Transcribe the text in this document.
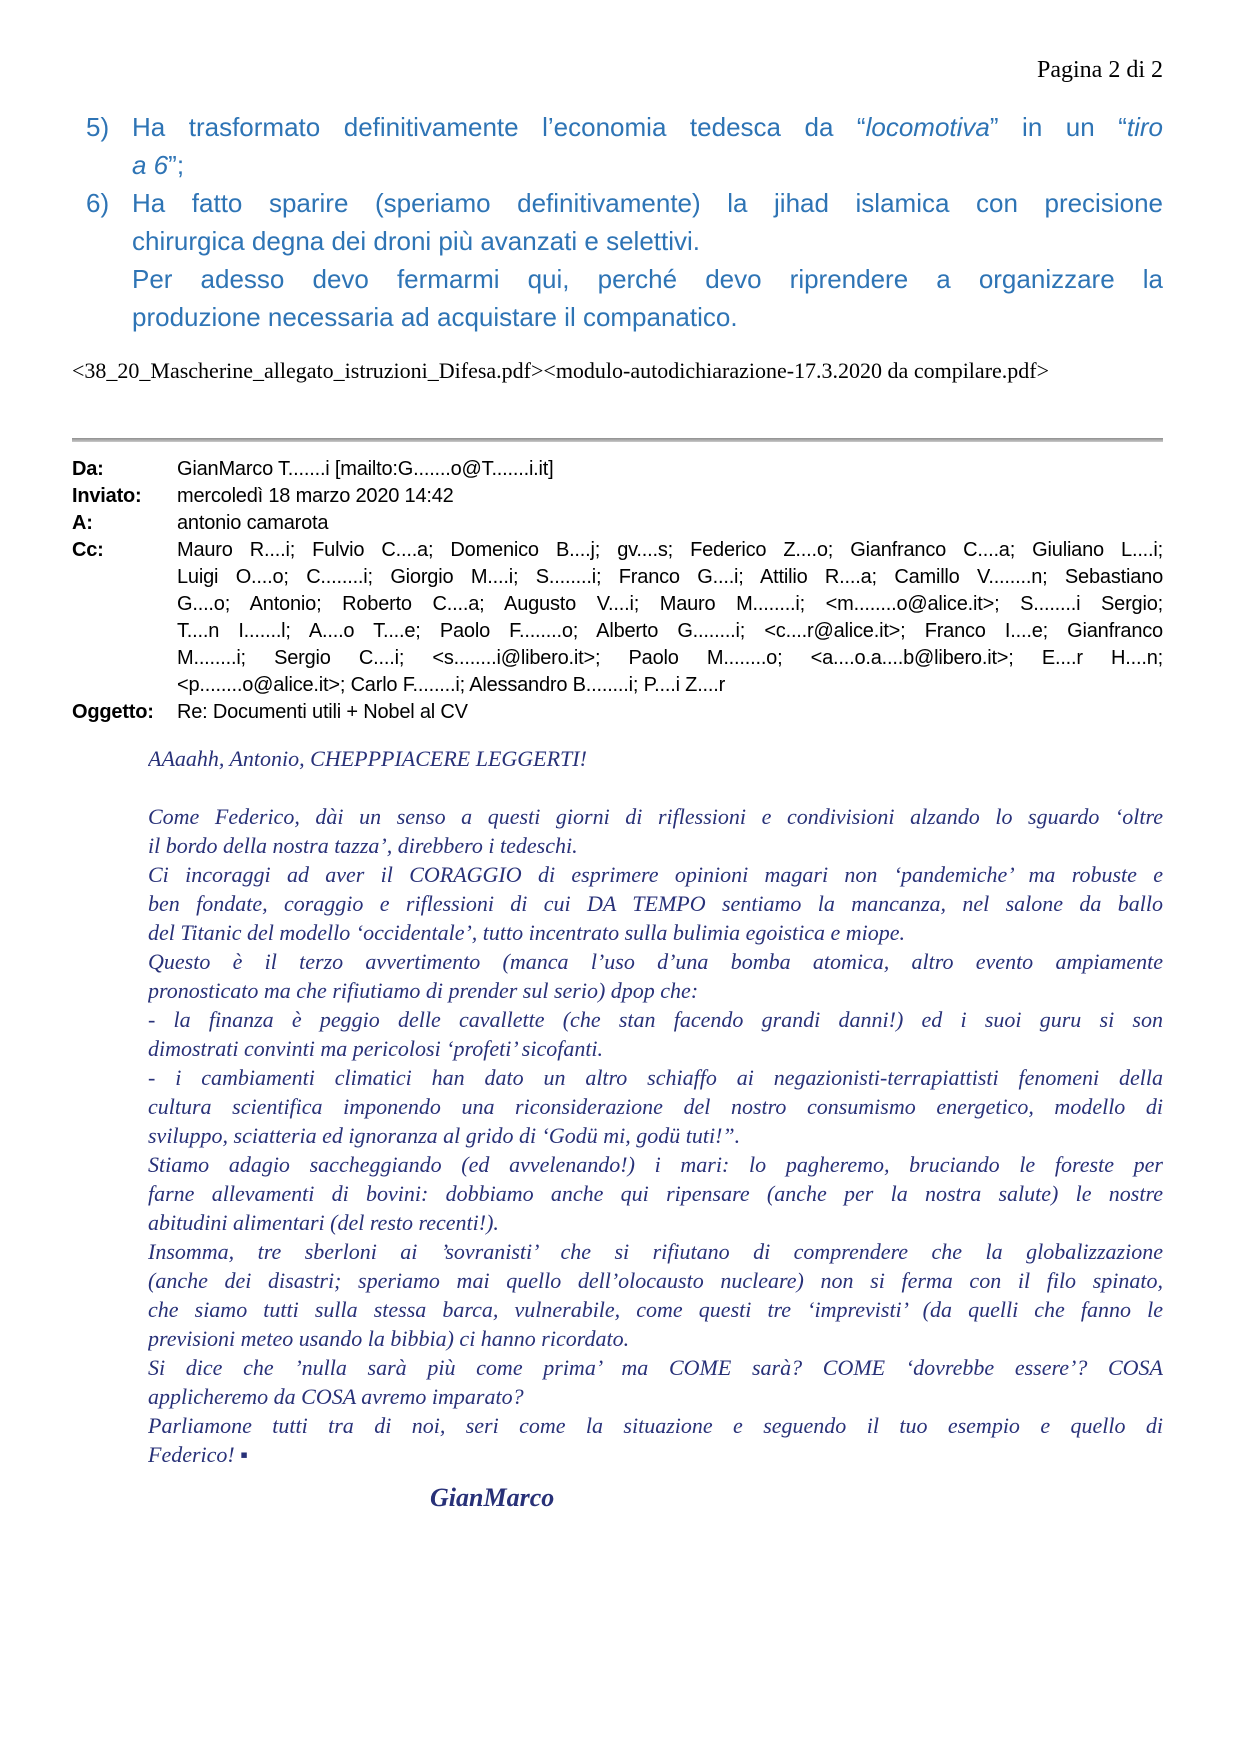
Pagina 2 di 2
5) Ha trasformato definitivamente l’economia tedesca da “locomotiva” in un “tiro
a 6”;
6) Ha fatto sparire (speriamo definitivamente) la jihad islamica con precisione
chirurgica degna dei droni più avanzati e selettivi.
Per adesso devo fermarmi qui, perché devo riprendere a organizzare la
produzione necessaria ad acquistare il companatico.
<38_20_Mascherine_allegato_istruzioni_Difesa.pdf><modulo-autodichiarazione-17.3.2020 da compilare.pdf>
Da:	GianMarco T.......i [mailto:G.......o@T.......i.it]
Inviato:	mercoledì 18 marzo 2020 14:42
A:	antonio camarota
Cc:	Mauro R....i; Fulvio C....a; Domenico B....j; gv....s; Federico Z....o; Gianfranco C....a; Giuliano L....i;
Luigi O....o; C........i; Giorgio M....i; S........i; Franco G....i; Attilio R....a; Camillo V........n; Sebastiano
G....o; Antonio; Roberto C....a; Augusto V....i; Mauro M........i; <m........o@alice.it>; S........i Sergio;
T....n I.......l; A....o T....e; Paolo F........o; Alberto G........i; <c....r@alice.it>; Franco I....e; Gianfranco
M........i; Sergio C....i; <s........i@libero.it>; Paolo M........o; <a....o.a....b@libero.it>; E....r H....n;
<p........o@alice.it>; Carlo F........i; Alessandro B........i; P....i Z....r
Oggetto:	Re: Documenti utili + Nobel al CV
AAaahh, Antonio, CHEPPPIACERE LEGGERTI!
Come Federico, dài un senso a questi giorni di riflessioni e condivisioni alzando lo sguardo ‘oltre
il bordo della nostra tazza’, direbbero i tedeschi.
Ci incoraggi ad aver il CORAGGIO di esprimere opinioni magari non ‘pandemiche’ ma robuste e
ben fondate, coraggio e riflessioni di cui DA TEMPO sentiamo la mancanza, nel salone da ballo
del Titanic del modello ‘occidentale’, tutto incentrato sulla bulimia egoistica e miope.
Questo è il terzo avvertimento (manca l’uso d’una bomba atomica, altro evento ampiamente
pronosticato ma che rifiutiamo di prender sul serio) dpop che:
- la finanza è peggio delle cavallette (che stan facendo grandi danni!) ed i suoi guru si son
dimostrati convinti ma pericolosi ‘profeti’ sicofanti.
- i cambiamenti climatici han dato un altro schiaffo ai negazionisti-terrapiattisti fenomeni della
cultura scientifica imponendo una riconsiderazione del nostro consumismo energetico, modello di
sviluppo, sciatteria ed ignoranza al grido di ‘Godü mi, godü tuti!”.
Stiamo adagio saccheggiando (ed avvelenando!) i mari: lo pagheremo, bruciando le foreste per
farne allevamenti di bovini: dobbiamo anche qui ripensare (anche per la nostra salute) le nostre
abitudini alimentari (del resto recenti!).
Insomma, tre sberloni ai ’sovranisti’ che si rifiutano di comprendere che la globalizzazione
(anche dei disastri; speriamo mai quello dell’olocausto nucleare) non si ferma con il filo spinato,
che siamo tutti sulla stessa barca, vulnerabile, come questi tre ‘imprevisti’ (da quelli che fanno le
previsioni meteo usando la bibbia) ci hanno ricordato.
Si dice che ’nulla sarà più come prima’ ma COME sarà? COME ‘dovrebbe essere’? COSA
applicheremo da COSA avremo imparato?
Parliamone tutti tra di noi, seri come la situazione e seguendo il tuo esempio e quello di
Federico! ▪
GianMarco
